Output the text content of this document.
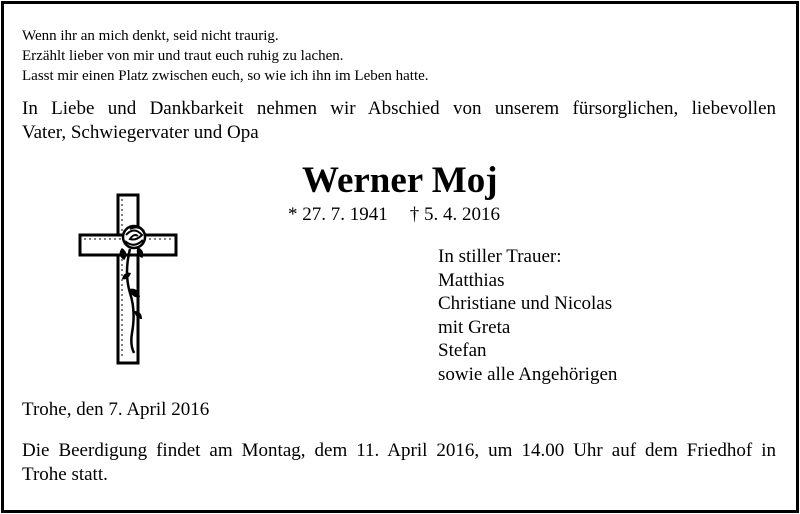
Wenn ihr an mich denkt, seid nicht traurig.
Erzählt lieber von mir und traut euch ruhig zu lachen.
Lasst mir einen Platz zwischen euch, so wie ich ihn im Leben hatte.
In Liebe und Dankbarkeit nehmen wir Abschied von unserem fürsorglichen, liebevollen
Vater, Schwiegervater und Opa
Werner Moj
* 27. 7. 1941 † 5. 4. 2016
In stiller Trauer:
Matthias
Christiane und Nicolas
mit Greta
Stefan
sowie alle Angehörigen
Trohe, den 7. April 2016
Die Beerdigung findet am Montag, dem 11. April 2016, um 14.00 Uhr auf dem Friedhof in
Trohe statt.
